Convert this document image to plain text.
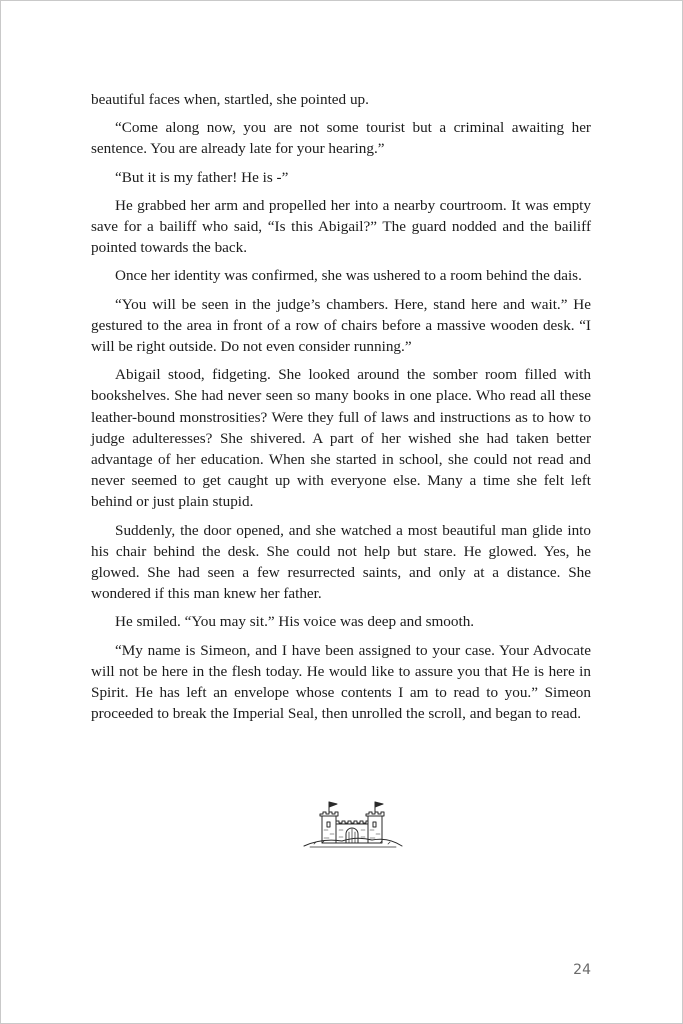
beautiful faces when, startled, she pointed up.

“Come along now, you are not some tourist but a criminal awaiting her sentence. You are already late for your hearing.”

“But it is my father! He is -”

He grabbed her arm and propelled her into a nearby courtroom. It was empty save for a bailiff who said, “Is this Abigail?” The guard nodded and the bailiff pointed towards the back.

Once her identity was confirmed, she was ushered to a room behind the dais.

“You will be seen in the judge’s chambers. Here, stand here and wait.” He gestured to the area in front of a row of chairs before a massive wooden desk. “I will be right outside. Do not even consider running.”

Abigail stood, fidgeting. She looked around the somber room filled with bookshelves. She had never seen so many books in one place. Who read all these leather-bound monstrosities? Were they full of laws and instructions as to how to judge adulteresses? She shivered. A part of her wished she had taken better advantage of her education. When she started in school, she could not read and never seemed to get caught up with everyone else. Many a time she felt left behind or just plain stupid.

Suddenly, the door opened, and she watched a most beautiful man glide into his chair behind the desk. She could not help but stare. He glowed. Yes, he glowed. She had seen a few resurrected saints, and only at a distance. She wondered if this man knew her father.

He smiled. “You may sit.” His voice was deep and smooth.

“My name is Simeon, and I have been assigned to your case. Your Advocate will not be here in the flesh today. He would like to assure you that He is here in Spirit. He has left an envelope whose contents I am to read to you.” Simeon proceeded to break the Imperial Seal, then unrolled the scroll, and began to read.

24
